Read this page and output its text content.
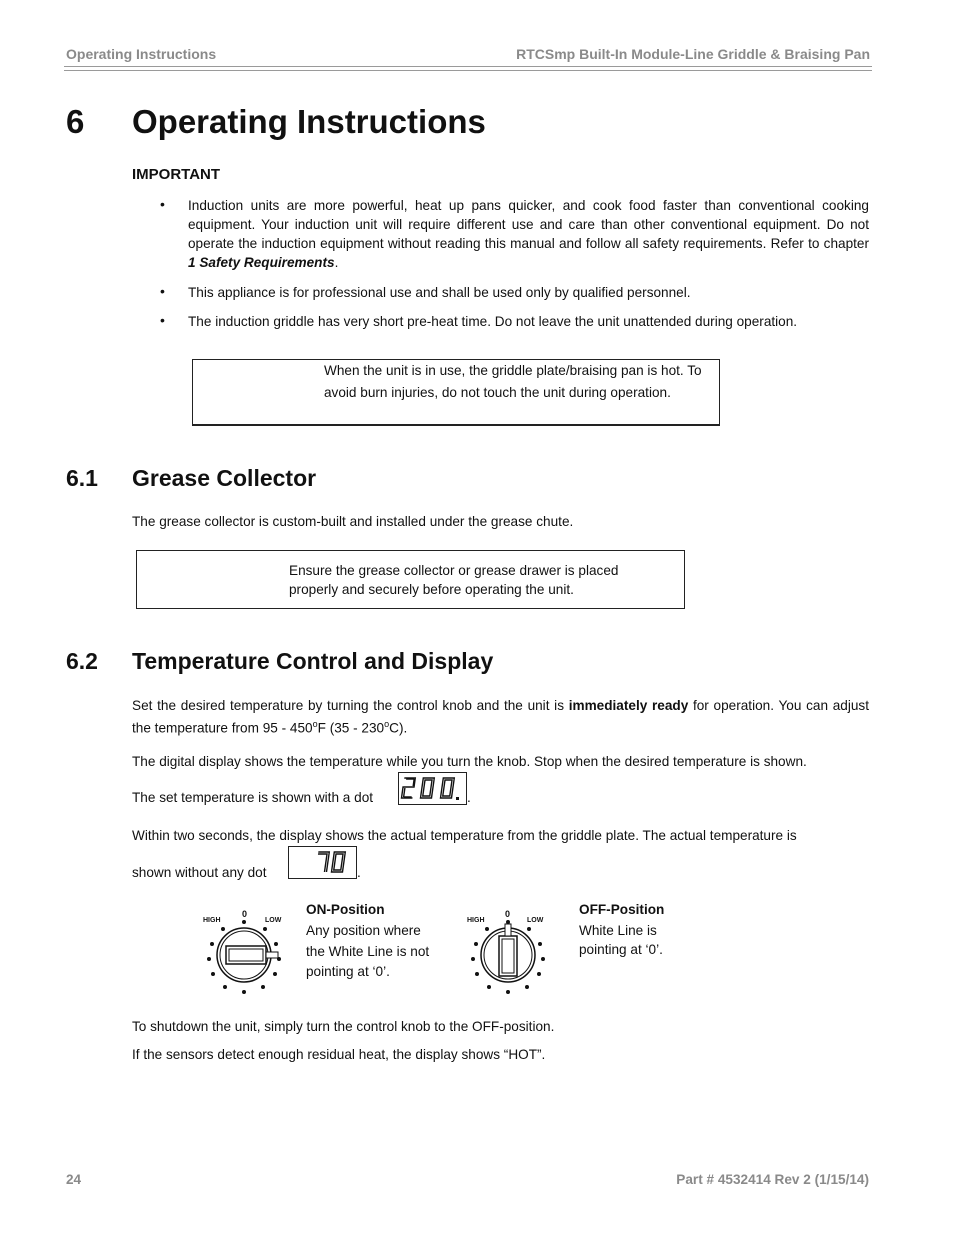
Operating Instructions	RTCSmp Built-In Module-Line Griddle & Braising Pan
6 Operating Instructions
IMPORTANT
• Induction units are more powerful, heat up pans quicker, and cook food faster than conventional cooking equipment. Your induction unit will require different use and care than other conventional equipment. Do not operate the induction equipment without reading this manual and follow all safety requirements. Refer to chapter 1 Safety Requirements.
• This appliance is for professional use and shall be used only by qualified personnel.
• The induction griddle has very short pre-heat time. Do not leave the unit unattended during operation.
When the unit is in use, the griddle plate/braising pan is hot. To avoid burn injuries, do not touch the unit during operation.
6.1 Grease Collector
The grease collector is custom-built and installed under the grease chute.
Ensure the grease collector or grease drawer is placed properly and securely before operating the unit.
6.2 Temperature Control and Display
Set the desired temperature by turning the control knob and the unit is immediately ready for operation. You can adjust the temperature from 95 - 450$^o$F (35 - 230$^o$C).
The digital display shows the temperature while you turn the knob. Stop when the desired temperature is shown.
The set temperature is shown with a dot	.
Within two seconds, the display shows the actual temperature from the griddle plate. The actual temperature is
shown without any dot	.
HIGH
0
LOW
ON-Position
Any position where the White Line is not pointing at ‘0’.
HIGH
0
LOW
OFF-Position
White Line is pointing at ‘0’.
To shutdown the unit, simply turn the control knob to the OFF-position.
If the sensors detect enough residual heat, the display shows “HOT”.
24	Part # 4532414 Rev 2 (1/15/14)
